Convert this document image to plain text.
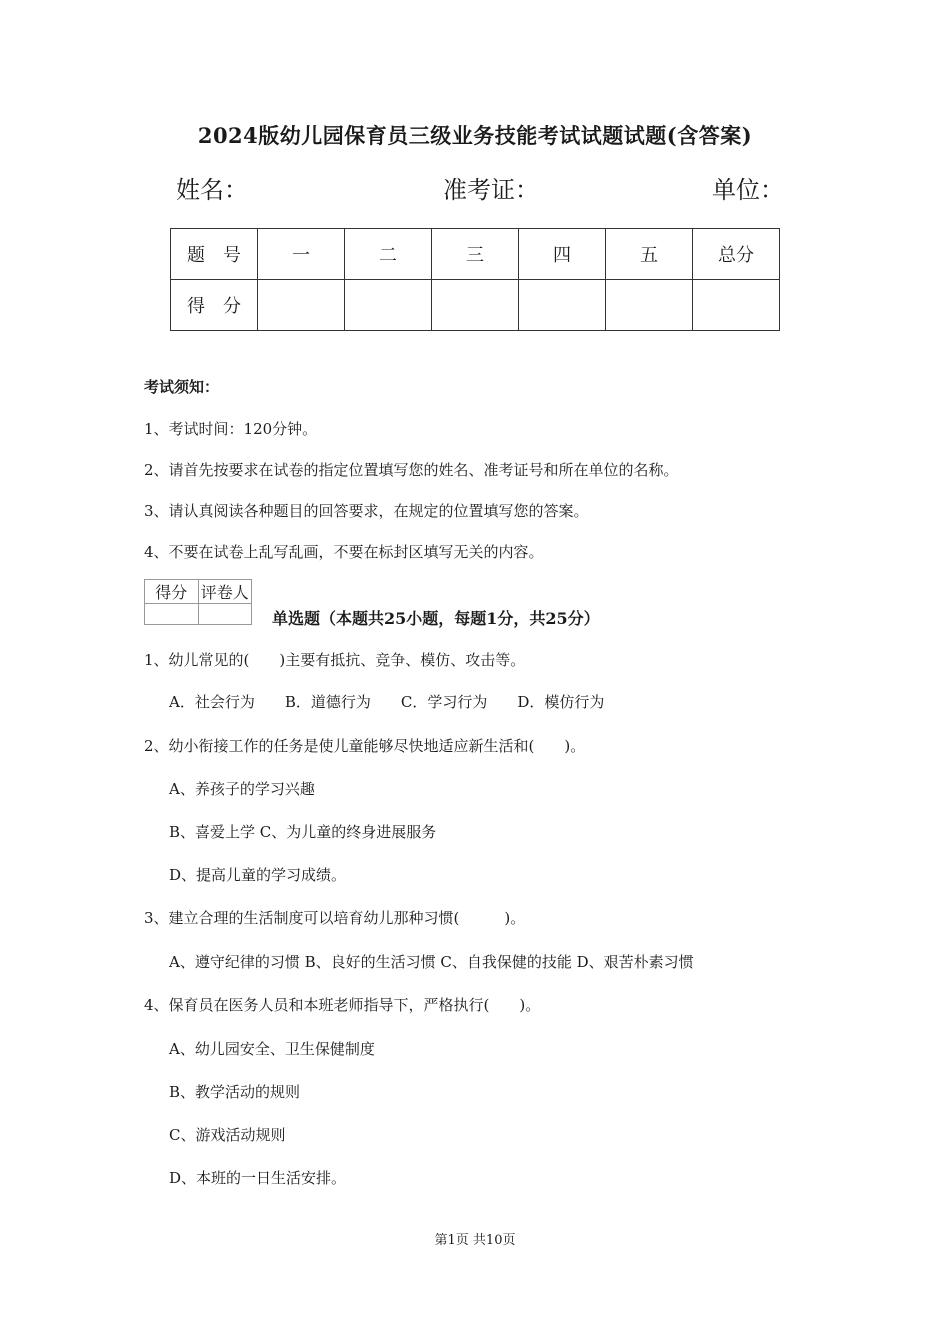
2024版幼儿园保育员三级业务技能考试试题试题(含答案)
姓名：	准考证：	单位：
题　号	一	二	三	四	五	总分
得　分						
考试须知：
1、考试时间：120分钟。
2、请首先按要求在试卷的指定位置填写您的姓名、准考证号和所在单位的名称。
3、请认真阅读各种题目的回答要求，在规定的位置填写您的答案。
4、不要在试卷上乱写乱画，不要在标封区填写无关的内容。
得分	评卷人

单选题（本题共25小题，每题1分，共25分）
1、幼儿常见的(　　)主要有抵抗、竞争、模仿、攻击等。
A．社会行为　　B．道德行为　　C．学习行为　　D．模仿行为
2、幼小衔接工作的任务是使儿童能够尽快地适应新生活和(　　)。
A、养孩子的学习兴趣
B、喜爱上学 C、为儿童的终身进展服务
D、提高儿童的学习成绩。
3、建立合理的生活制度可以培育幼儿那种习惯(　　　)。
A、遵守纪律的习惯 B、良好的生活习惯 C、自我保健的技能 D、艰苦朴素习惯
4、保育员在医务人员和本班老师指导下，严格执行(　　)。
A、幼儿园安全、卫生保健制度
B、教学活动的规则
C、游戏活动规则
D、本班的一日生活安排。
第1页 共10页
